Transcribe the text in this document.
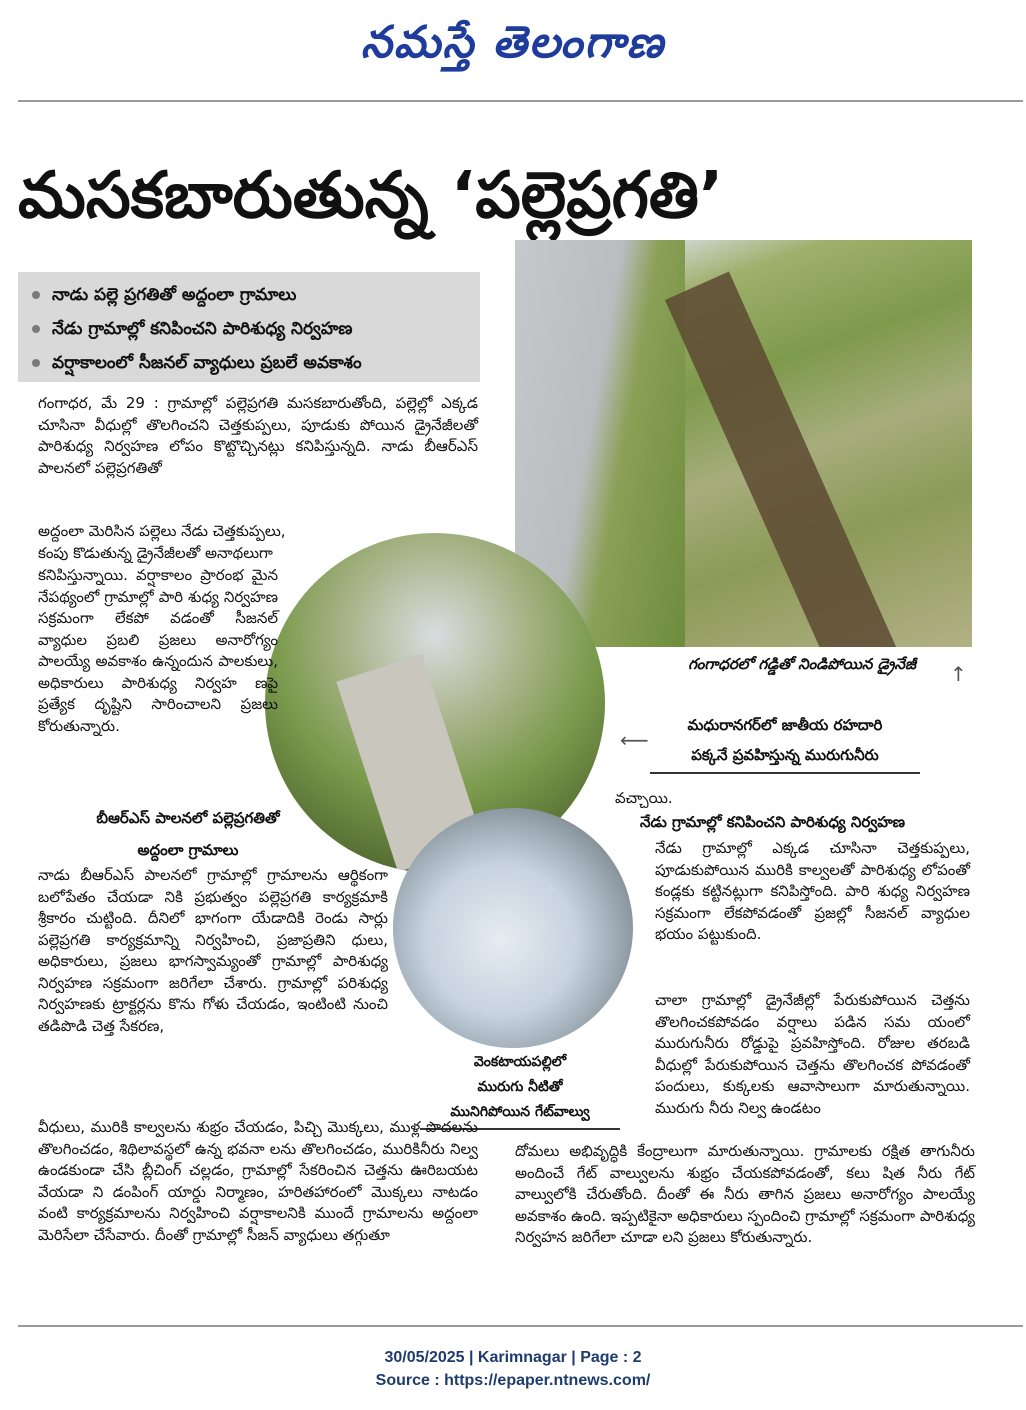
నమస్తే తెలంగాణ
మసకబారుతున్న ‘పల్లెప్రగతి’
నాడు పల్లె ప్రగతితో అద్దంలా గ్రామాలు
నేడు గ్రామాల్లో కనిపించని పారిశుధ్య నిర్వహణ
వర్షాకాలంలో సీజనల్ వ్యాధులు ప్రబలే అవకాశం
గంగాధరలో గడ్డితో నిండిపోయిన డ్రైనేజీ	↑
మధురానగర్‌లో జాతీయ రహదారి
పక్కనే ప్రవహిస్తున్న మురుగునీరు
⟵
వెంకటాయపల్లిలో
మురుగు నీటితో
మునిగిపోయిన గేట్‌వాల్వు
గంగాధర, మే 29 : గ్రామాల్లో పల్లెప్రగతి మసకబారుతోంది, పల్లెల్లో ఎక్కడ చూసినా వీధుల్లో తొలగించని చెత్తకుప్పలు, పూడుకు పోయిన డ్రైనేజీలతో పారిశుధ్య నిర్వహణ లోపం కొట్టొచ్చినట్లు కనిపిస్తున్నది. నాడు బీఆర్‌ఎస్ పాలనలో పల్లెప్రగతితో
అద్దంలా మెరిసిన పల్లెలు నేడు చెత్తకుప్పలు,
కంపు కొడుతున్న డ్రైనేజీలతో అనాథలుగా
కనిపిస్తున్నాయి. వర్షాకాలం ప్రారంభ మైన నేపథ్యంలో గ్రామాల్లో పారి శుధ్య నిర్వహణ సక్రమంగా లేకపో వడంతో సీజనల్ వ్యాధుల ప్రబలి ప్రజలు అనారోగ్యం పాలయ్యే అవకాశం ఉన్నందున పాలకులు, అధికారులు పారిశుధ్య నిర్వహ ణపై ప్రత్యేక దృష్టిని సారించాలని ప్రజలు కోరుతున్నారు.
బీఆర్‌ఎస్ పాలనలో పల్లెప్రగతితో
అద్దంలా గ్రామాలు
నాడు బీఆర్‌ఎస్ పాలనలో గ్రామాల్లో గ్రామాలను ఆర్థికంగా బలోపేతం చేయడా నికి ప్రభుత్వం పల్లెప్రగతి కార్యక్రమాకి శ్రీకారం చుట్టింది. దీనిలో భాగంగా యేడాదికి రెండు సార్లు పల్లెప్రగతి కార్యక్రమాన్ని నిర్వహించి, ప్రజాప్రతిని ధులు, అధికారులు, ప్రజలు భాగస్వామ్యంతో గ్రామాల్లో పారిశుధ్య నిర్వహణ సక్రమంగా జరిగేలా చేశారు. గ్రామాల్లో పరిశుధ్య నిర్వహణకు ట్రాక్టర్లను కొను గోళు చేయడం, ఇంటింటి నుంచి తడిపొడి చెత్త సేకరణ,
వీధులు, మురికి కాల్వలను శుభ్రం చేయడం, పిచ్చి మొక్కలు, ముళ్ల పొదలను తొలగించడం, శిథిలావస్థలో ఉన్న భవనా లను తొలగించడం, మురికినీరు నిల్వ ఉండకుండా చేసి బ్లీచింగ్ చల్లడం, గ్రామాల్లో సేకరించిన చెత్తను ఊరిబయట వేయడా ని డంపింగ్ యార్డు నిర్మాణం, హరితహారంలో మొక్కలు నాటడం వంటి కార్యక్రమాలను నిర్వహించి వర్షాకాలనికి ముందే గ్రామాలను అద్దంలా మెరిసేలా చేసేవారు. దీంతో గ్రామాల్లో సీజన్ వ్యాధులు తగ్గుతూ
వచ్చాయి.
నేడు గ్రామాల్లో కనిపించని పారిశుధ్య నిర్వహణ
నేడు గ్రామాల్లో ఎక్కడ చూసినా చెత్తకుప్పలు, పూడుకుపోయిన మురికి కాల్వలతో పారిశుధ్య లోపంతో కండ్లకు కట్టినట్లుగా కనిపిస్తోంది. పారి శుధ్య నిర్వహణ సక్రమంగా లేకపోవడంతో ప్రజల్లో సీజనల్ వ్యాధుల భయం పట్టుకుంది.
చాలా గ్రామాల్లో డ్రైనేజీల్లో పేరుకుపోయిన చెత్తను తొలగించకపోవడం వర్షాలు పడిన సమ యంలో మురుగునీరు రోడ్డుపై ప్రవహిస్తోంది. రోజుల తరబడి వీధుల్లో పేరుకుపోయిన చెత్తను తొలగించక పోవడంతో పందులు, కుక్కలకు ఆవాసాలుగా మారుతున్నాయి. మురుగు నీరు నిల్వ ఉండటం
దోమలు అభివృద్ధికి కేంద్రాలుగా మారుతున్నాయి. గ్రామాలకు రక్షిత తాగునీరు అందించే గేట్ వాల్వులను శుభ్రం చేయకపోవడంతో, కలు షిత నీరు గేట్ వాల్వులోకి చేరుతోంది. దీంతో ఈ నీరు తాగిన ప్రజలు అనారోగ్యం పాలయ్యే అవకాశం ఉంది. ఇప్పటికైనా అధికారులు స్పందించి గ్రామాల్లో సక్రమంగా పారిశుధ్య నిర్వహన జరిగేలా చూడా లని ప్రజలు కోరుతున్నారు.
30/05/2025 | Karimnagar | Page : 2
Source : https://epaper.ntnews.com/
